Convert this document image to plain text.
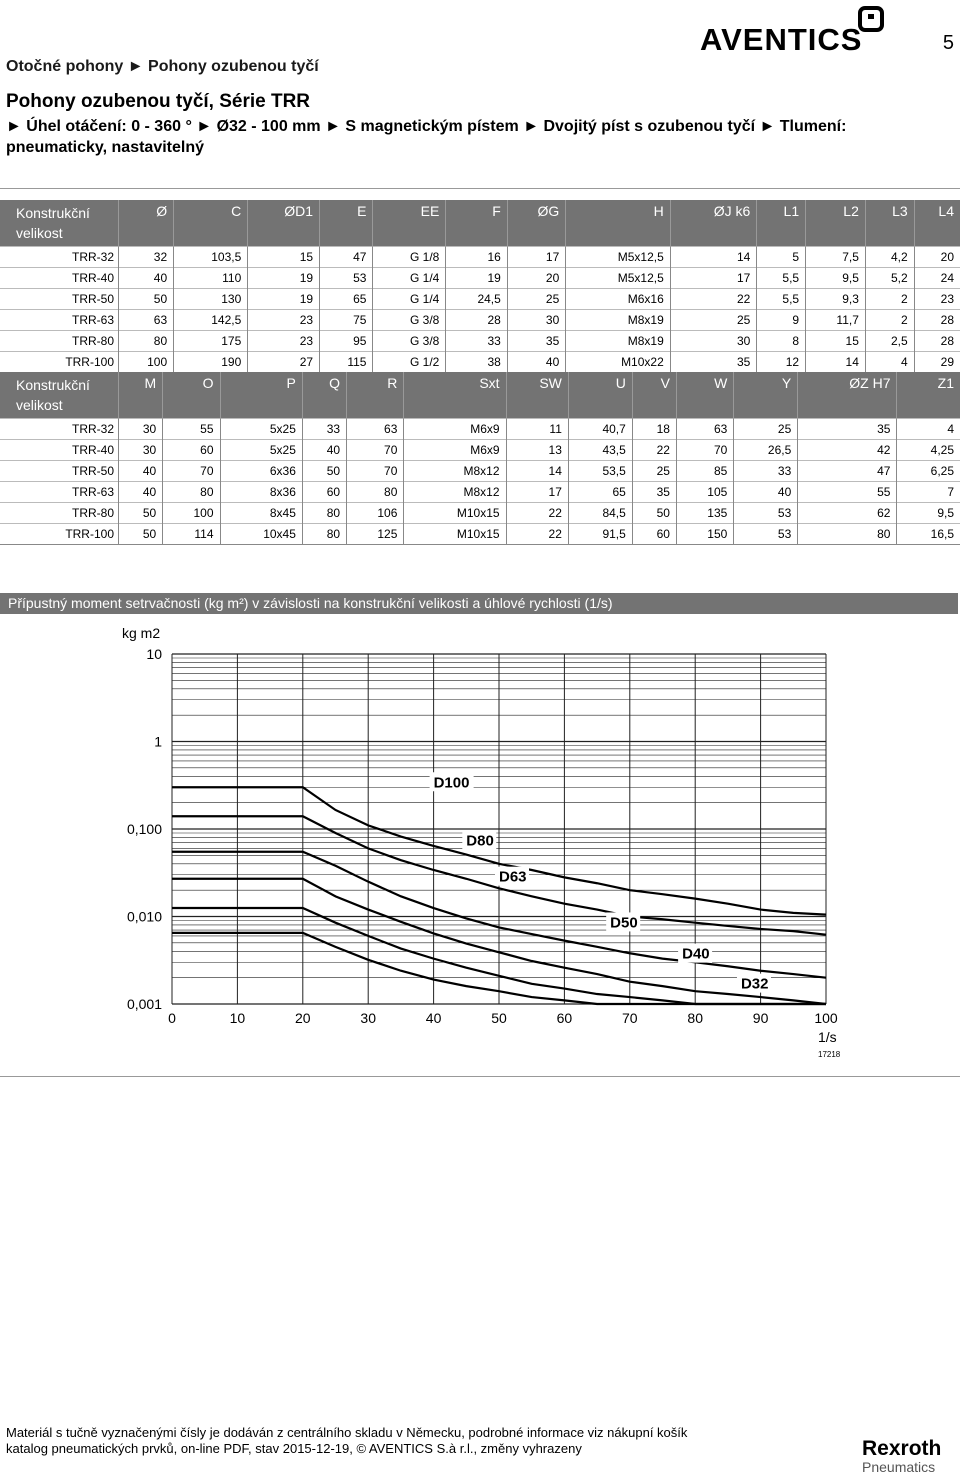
5
AVENTICS
Otočné pohony ► Pohony ozubenou tyčí
Pohony ozubenou tyčí, Série TRR
► Úhel otáčení: 0 - 360 ° ► Ø32 - 100 mm ► S magnetickým pístem ► Dvojitý píst s ozubenou tyčí ► Tlumení: pneumaticky, nastavitelný
Konstrukční velikost	Ø	C	ØD1	E	EE	F	ØG	H	ØJ k6	L1	L2	L3	L4
TRR-32	32	103,5	15	47	G 1/8	16	17	M5x12,5	14	5	7,5	4,2	20
TRR-40	40	110	19	53	G 1/4	19	20	M5x12,5	17	5,5	9,5	5,2	24
TRR-50	50	130	19	65	G 1/4	24,5	25	M6x16	22	5,5	9,3	2	23
TRR-63	63	142,5	23	75	G 3/8	28	30	M8x19	25	9	11,7	2	28
TRR-80	80	175	23	95	G 3/8	33	35	M8x19	30	8	15	2,5	28
TRR-100	100	190	27	115	G 1/2	38	40	M10x22	35	12	14	4	29
Konstrukční velikost	M	O	P	Q	R	Sxt	SW	U	V	W	Y	ØZ H7	Z1
TRR-32	30	55	5x25	33	63	M6x9	11	40,7	18	63	25	35	4
TRR-40	30	60	5x25	40	70	M6x9	13	43,5	22	70	26,5	42	4,25
TRR-50	40	70	6x36	50	70	M8x12	14	53,5	25	85	33	47	6,25
TRR-63	40	80	8x36	60	80	M8x12	17	65	35	105	40	55	7
TRR-80	50	100	8x45	80	106	M10x15	22	84,5	50	135	53	62	9,5
TRR-100	50	114	10x45	80	125	M10x15	22	91,5	60	150	53	80	16,5
Přípustný moment setrvačnosti (kg m²) v závislosti na konstrukční velikosti a úhlové rychlosti (1/s)
0	10	20	30	40	50	60	70	80	90	100
10
1
0,100
0,010
0,001
kg m2
1/s
17218
D100
D80
D63
D50
D40
D32
Materiál s tučně vyznačenými čísly je dodáván z centrálního skladu v Německu, podrobné informace viz nákupní košík
katalog pneumatických prvků, on-line PDF, stav 2015-12-19, © AVENTICS S.à r.l., změny vyhrazeny	Rexroth
Pneumatics
